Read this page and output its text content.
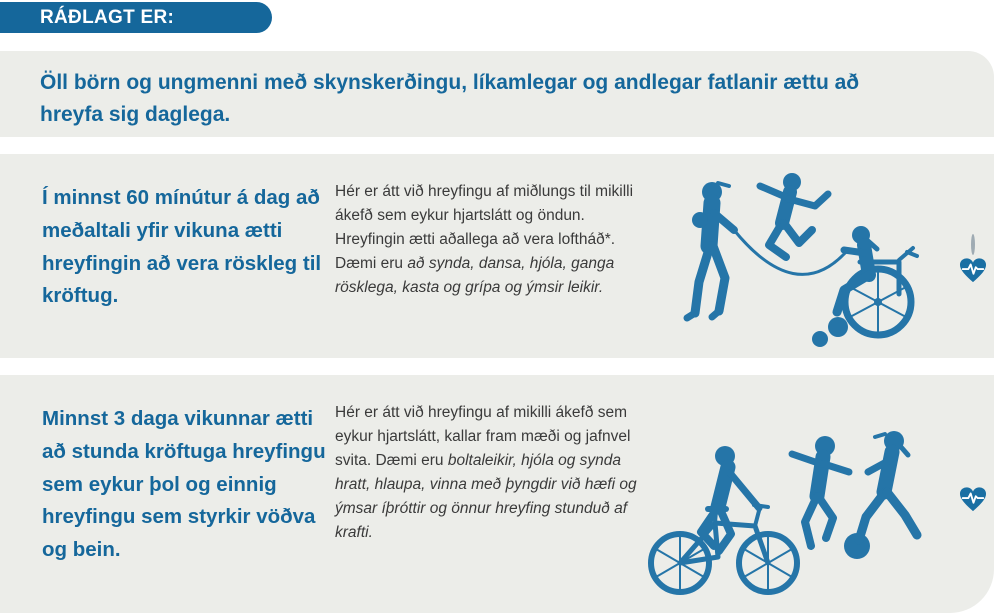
RÁÐLAGT ER:

Öll börn og ungmenni með skynskerðingu, líkamlegar og andlegar fatlanir ættu að hreyfa sig daglega.

Í minnst 60 mínútur á dag að meðaltali yfir vikuna ætti hreyfingin að vera röskleg til kröftug.

Hér er átt við hreyfingu af miðlungs til mikilli ákefð sem eykur hjartslátt og öndun. Hreyfingin ætti aðallega að vera loftháð*. Dæmi eru að synda, dansa, hjóla, ganga rösklega, kasta og grípa og ýmsir leikir.

Minnst 3 daga vikunnar ætti að stunda kröftuga hreyfingu sem eykur þol og einnig hreyfingu sem styrkir vöðva og bein.

Hér er átt við hreyfingu af mikilli ákefð sem eykur hjartslátt, kallar fram mæði og jafnvel svita. Dæmi eru boltaleikir, hjóla og synda hratt, hlaupa, vinna með þyngdir við hæfi og ýmsar íþróttir og önnur hreyfing stunduð af krafti.
